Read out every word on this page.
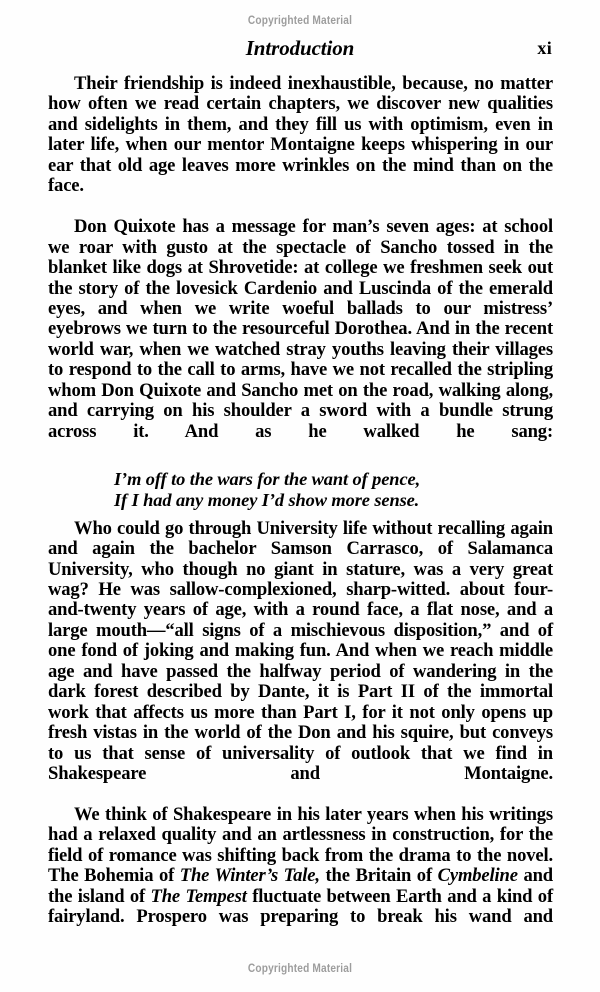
Copyrighted Material
Introduction	xi

Their friendship is indeed inexhaustible, because, no matter how often we read certain chapters, we discover new qualities and sidelights in them, and they fill us with optimism, even in later life, when our mentor Montaigne keeps whispering in our ear that old age leaves more wrinkles on the mind than on the face.

Don Quixote has a message for man’s seven ages: at school we roar with gusto at the spectacle of Sancho tossed in the blanket like dogs at Shrovetide: at college we freshmen seek out the story of the lovesick Cardenio and Luscinda of the emerald eyes, and when we write woeful ballads to our mistress’ eyebrows we turn to the resourceful Dorothea. And in the recent world war, when we watched stray youths leaving their villages to respond to the call to arms, have we not recalled the stripling whom Don Quixote and Sancho met on the road, walking along, and carrying on his shoulder a sword with a bundle strung across it. And as he walked he sang:

I’m off to the wars for the want of pence,
If I had any money I’d show more sense.

Who could go through University life without recalling again and again the bachelor Samson Carrasco, of Salamanca University, who though no giant in stature, was a very great wag? He was sallow-complexioned, sharp-witted. about four-and-twenty years of age, with a round face, a flat nose, and a large mouth—“all signs of a mischievous disposition,” and of one fond of joking and making fun. And when we reach middle age and have passed the halfway period of wandering in the dark forest described by Dante, it is Part II of the immortal work that affects us more than Part I, for it not only opens up fresh vistas in the world of the Don and his squire, but conveys to us that sense of universality of outlook that we find in Shakespeare and Montaigne.

We think of Shakespeare in his later years when his writings had a relaxed quality and an artlessness in construction, for the field of romance was shifting back from the drama to the novel. The Bohemia of The Winter’s Tale, the Britain of Cymbeline and the island of The Tempest fluctuate between Earth and a kind of fairyland. Prospero was preparing to break his wand and

Copyrighted Material
